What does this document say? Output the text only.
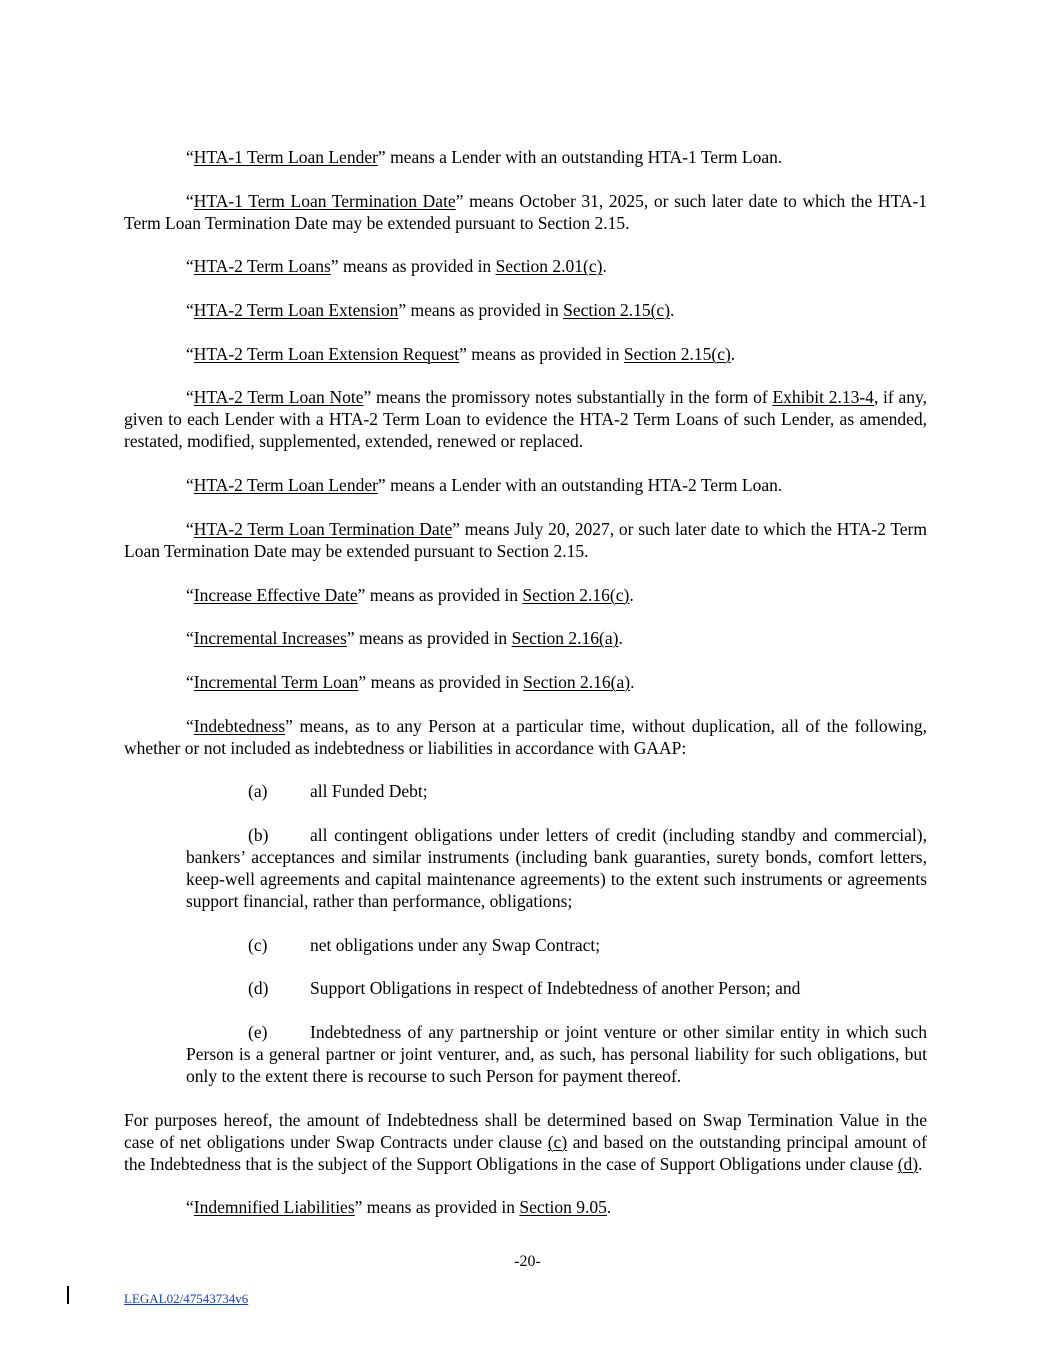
“HTA-1 Term Loan Lender” means a Lender with an outstanding HTA-1 Term Loan.

“HTA-1 Term Loan Termination Date” means October 31, 2025, or such later date to which the HTA-1 Term Loan Termination Date may be extended pursuant to Section 2.15.

“HTA-2 Term Loans” means as provided in Section 2.01(c).

“HTA-2 Term Loan Extension” means as provided in Section 2.15(c).

“HTA-2 Term Loan Extension Request” means as provided in Section 2.15(c).

“HTA-2 Term Loan Note” means the promissory notes substantially in the form of Exhibit 2.13-4, if any, given to each Lender with a HTA-2 Term Loan to evidence the HTA-2 Term Loans of such Lender, as amended, restated, modified, supplemented, extended, renewed or replaced.

“HTA-2 Term Loan Lender” means a Lender with an outstanding HTA-2 Term Loan.

“HTA-2 Term Loan Termination Date” means July 20, 2027, or such later date to which the HTA-2 Term Loan Termination Date may be extended pursuant to Section 2.15.

“Increase Effective Date” means as provided in Section 2.16(c).

“Incremental Increases” means as provided in Section 2.16(a).

“Incremental Term Loan” means as provided in Section 2.16(a).

“Indebtedness” means, as to any Person at a particular time, without duplication, all of the following, whether or not included as indebtedness or liabilities in accordance with GAAP:

(a) all Funded Debt;

(b) all contingent obligations under letters of credit (including standby and commercial), bankers’ acceptances and similar instruments (including bank guaranties, surety bonds, comfort letters, keep-well agreements and capital maintenance agreements) to the extent such instruments or agreements support financial, rather than performance, obligations;

(c) net obligations under any Swap Contract;

(d) Support Obligations in respect of Indebtedness of another Person; and

(e) Indebtedness of any partnership or joint venture or other similar entity in which such Person is a general partner or joint venturer, and, as such, has personal liability for such obligations, but only to the extent there is recourse to such Person for payment thereof.

For purposes hereof, the amount of Indebtedness shall be determined based on Swap Termination Value in the case of net obligations under Swap Contracts under clause (c) and based on the outstanding principal amount of the Indebtedness that is the subject of the Support Obligations in the case of Support Obligations under clause (d).

“Indemnified Liabilities” means as provided in Section 9.05.

-20-
LEGAL02/47543734v6
